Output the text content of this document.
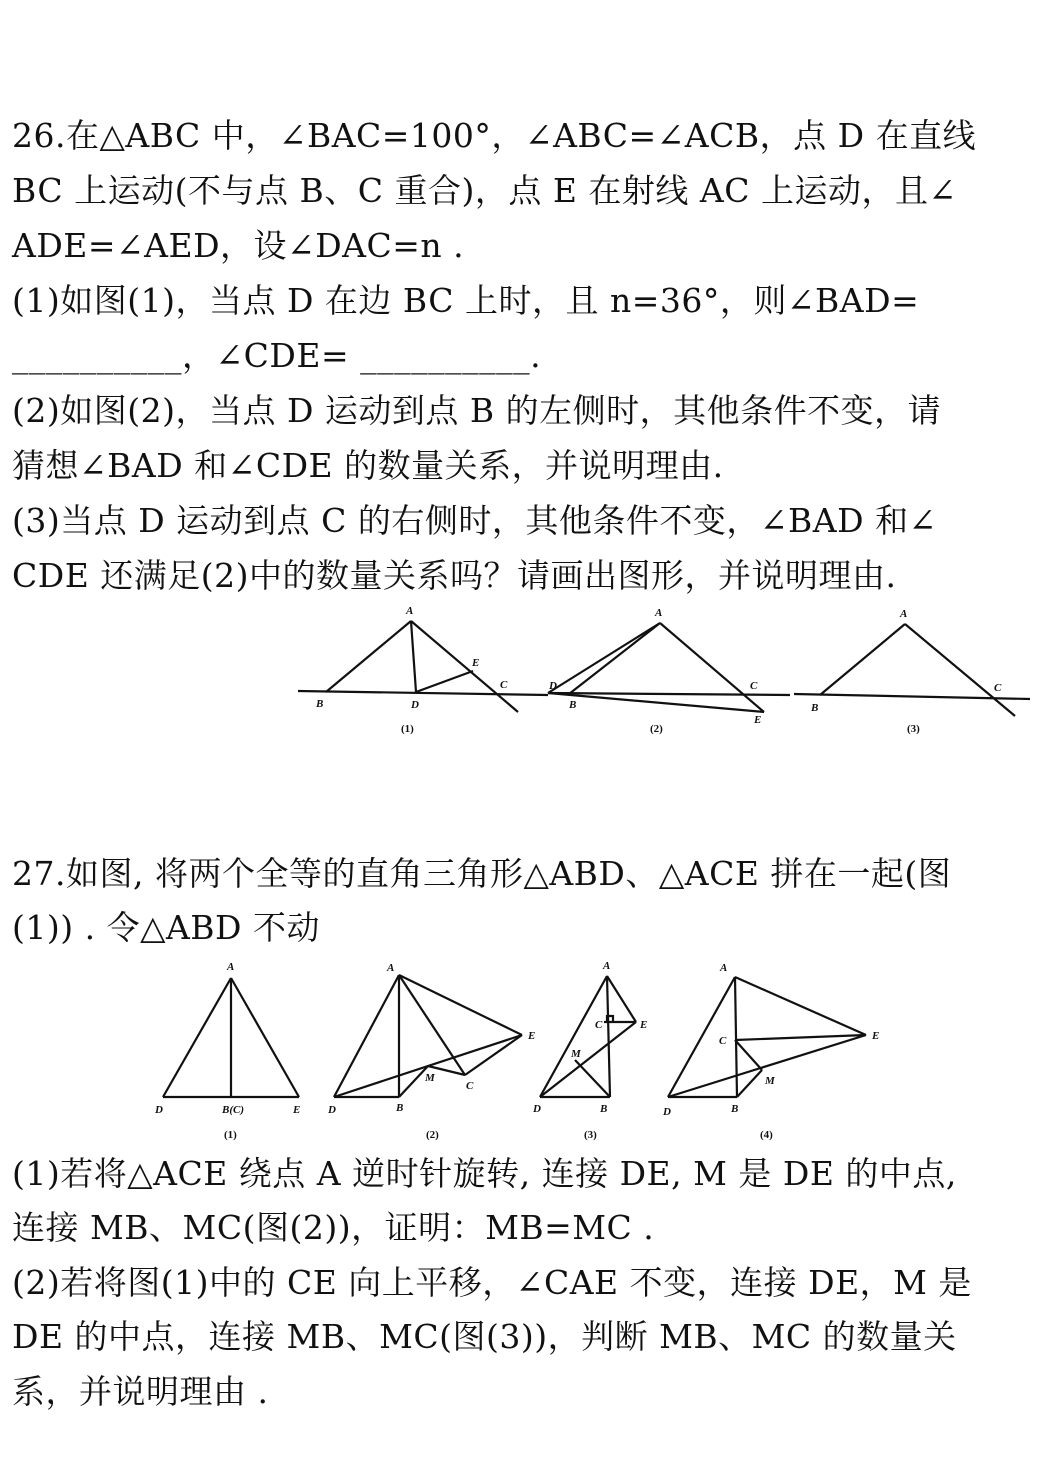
26.在△ABC 中，∠BAC=100°，∠ABC=∠ACB，点 D 在直线
BC 上运动(不与点 B、C 重合)，点 E 在射线 AC 上运动，且∠
ADE=∠AED，设∠DAC=n .
(1)如图(1)，当点 D 在边 BC 上时，且 n=36°，则∠BAD=
__________，∠CDE= __________.
(2)如图(2)，当点 D 运动到点 B 的左侧时，其他条件不变，请
猜想∠BAD 和∠CDE 的数量关系，并说明理由.
(3)当点 D 运动到点 C 的右侧时，其他条件不变，∠BAD 和∠
CDE 还满足(2)中的数量关系吗？请画出图形，并说明理由.
A
B
C
D
E
(1)
A
B
C
D
E
(2)
A
B
C
(3)
27.如图, 将两个全等的直角三角形△ABD、△ACE 拼在一起(图
(1)) . 令△ABD 不动
A
D	B(C)	E
(1)
A
D	B
M
C
E
(2)
A
C	E
M
D	B
(3)
A
C	E
M
D	B
(4)
(1)若将△ACE 绕点 A 逆时针旋转, 连接 DE, M 是 DE 的中点,
连接 MB、MC(图(2))，证明：MB=MC .
(2)若将图(1)中的 CE 向上平移，∠CAE 不变，连接 DE，M 是
DE 的中点，连接 MB、MC(图(3))，判断 MB、MC 的数量关
系，并说明理由 .
